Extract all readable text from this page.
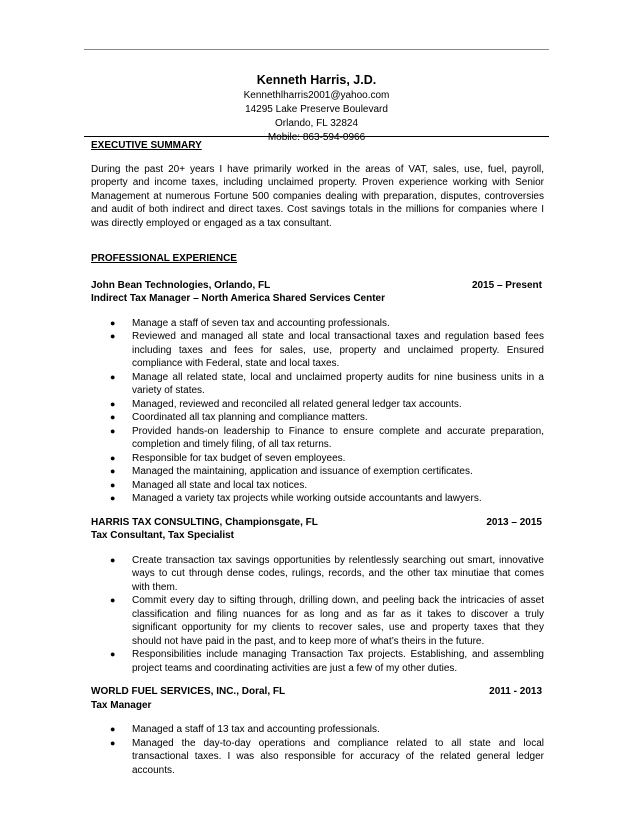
Kenneth Harris, J.D.
Kennethlharris2001@yahoo.com
14295 Lake Preserve Boulevard
Orlando, FL 32824
Mobile: 863-594-0966
EXECUTIVE SUMMARY
During the past 20+ years I have primarily worked in the areas of VAT, sales, use, fuel, payroll, property and income taxes, including unclaimed property. Proven experience working with Senior Management at numerous Fortune 500 companies dealing with preparation, disputes, controversies and audit of both indirect and direct taxes. Cost savings totals in the millions for companies where I was directly employed or engaged as a tax consultant.
PROFESSIONAL EXPERIENCE
John Bean Technologies, Orlando, FL	2015 – Present
Indirect Tax Manager – North America Shared Services Center
● Manage a staff of seven tax and accounting professionals.
● Reviewed and managed all state and local transactional taxes and regulation based fees including taxes and fees for sales, use, property and unclaimed property. Ensured compliance with Federal, state and local taxes.
● Manage all related state, local and unclaimed property audits for nine business units in a variety of states.
● Managed, reviewed and reconciled all related general ledger tax accounts.
● Coordinated all tax planning and compliance matters.
● Provided hands-on leadership to Finance to ensure complete and accurate preparation, completion and timely filing, of all tax returns.
● Responsible for tax budget of seven employees.
● Managed the maintaining, application and issuance of exemption certificates.
● Managed all state and local tax notices.
● Managed a variety tax projects while working outside accountants and lawyers.
HARRIS TAX CONSULTING, Championsgate, FL	2013 – 2015
Tax Consultant, Tax Specialist
● Create transaction tax savings opportunities by relentlessly searching out smart, innovative ways to cut through dense codes, rulings, records, and the other tax minutiae that comes with them.
● Commit every day to sifting through, drilling down, and peeling back the intricacies of asset classification and filing nuances for as long and as far as it takes to discover a truly significant opportunity for my clients to recover sales, use and property taxes that they should not have paid in the past, and to keep more of what’s theirs in the future.
● Responsibilities include managing Transaction Tax projects. Establishing, and assembling project teams and coordinating activities are just a few of my other duties.
WORLD FUEL SERVICES, INC., Doral, FL	2011 - 2013
Tax Manager
● Managed a staff of 13 tax and accounting professionals.
● Managed the day-to-day operations and compliance related to all state and local transactional taxes. I was also responsible for accuracy of the related general ledger accounts.
